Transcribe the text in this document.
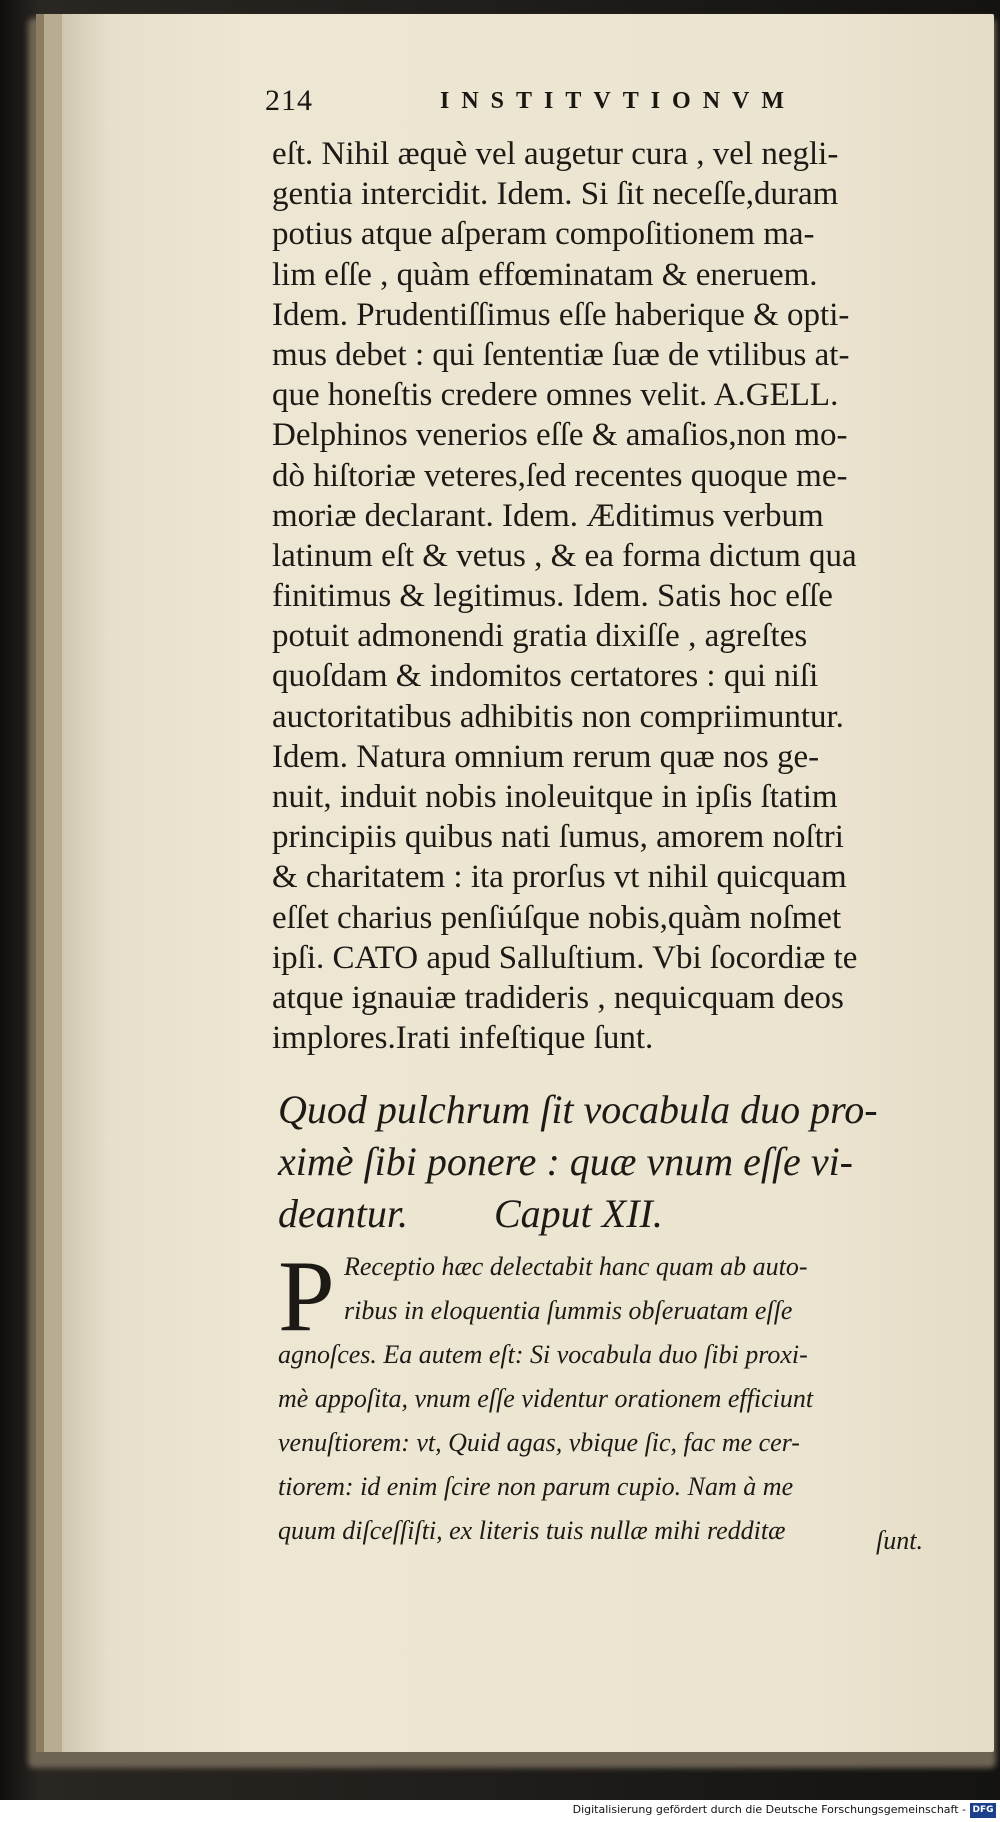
214	INSTITVTIONVM
eſt. Nihil æquè vel augetur cura , vel negli-
gentia intercidit. Idem. Si ſit neceſſe,duram
potius atque aſperam compoſitionem ma-
lim eſſe , quàm effœminatam & eneruem.
Idem. Prudentiſſimus eſſe haberique & opti-
mus debet : qui ſententiæ ſuæ de vtilibus at-
que honeſtis credere omnes velit. A.GELL.
Delphinos venerios eſſe & amaſios,non mo-
dò hiſtoriæ veteres,ſed recentes quoque me-
moriæ declarant. Idem. Æditimus verbum
latinum eſt & vetus , & ea forma dictum qua
finitimus & legitimus. Idem. Satis hoc eſſe
potuit admonendi gratia dixiſſe , agreſtes
quoſdam & indomitos certatores : qui niſi
auctoritatibus adhibitis non compriimuntur.
Idem. Natura omnium rerum quæ nos ge-
nuit, induit nobis inoleuitque in ipſis ſtatim
principiis quibus nati ſumus, amorem noſtri
& charitatem : ita prorſus vt nihil quicquam
eſſet charius penſiúſque nobis,quàm noſmet
ipſi. CATO apud Salluſtium. Vbi ſocordiæ te
atque ignauiæ tradideris , nequicquam deos
implores.Irati infeſtique ſunt.
Quod pulchrum ſit vocabula duo pro-
ximè ſibi ponere : quæ vnum eſſe vi-
deantur. Caput XII.
P Receptio hæc delectabit hanc quam ab auto-
ribus in eloquentia ſummis obſeruatam eſſe
agnoſces. Ea autem eſt: Si vocabula duo ſibi proxi-
mè appoſita, vnum eſſe videntur orationem efficiunt
venuſtiorem: vt, Quid agas, vbique ſic, fac me cer-
tiorem: id enim ſcire non parum cupio. Nam à me
quum diſceſſiſti, ex literis tuis nullæ mihi redditæ	ſunt.
Digitalisierung gefördert durch die Deutsche Forschungsgemeinschaft - DFG
